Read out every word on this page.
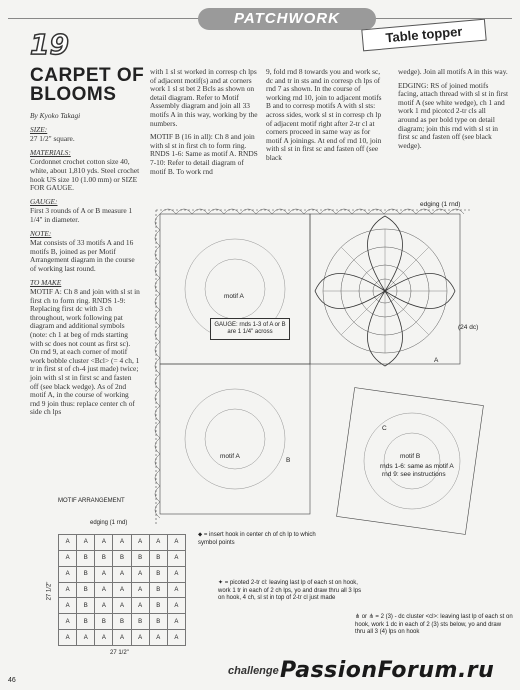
PATCHWORK
Table topper
19
CARPET OF BLOOMS
By Kyoko Takagi
SIZE:

27 1/2" square.

MATERIALS:

Cordonnet crochet cotton size 40, white, about 1,810 yds. Steel crochet hook US size 10 (1.00 mm) or SIZE FOR GAUGE.

GAUGE:

First 3 rounds of A or B measure 1 1/4" in diameter.

NOTE:

Mat consists of 33 motifs A and 16 motifs B, joined as per Motif Arrangement diagram in the course of working last round.

TO MAKE

MOTIF A: Ch 8 and join with sl st in first ch to form ring. RNDS 1-9: Replacing first dc with 3 ch throughout, work following pat diagram and additional symbols (note: ch 1 at beg of rnds starting with sc does not count as first sc). On rnd 9, at each corner of motif work bobble cluster <Bcl> (= 4 ch, 1 tr in first st of ch-4 just made) twice; join with sl st in first sc and fasten off (see black wedge). As of 2nd motif A, in the course of working rnd 9 join thus: replace center ch of side ch lps

with 1 sl st worked in corresp ch lps of adjacent motif(s) and at corners work 1 sl st bet 2 Bcls as shown on detail diagram. Refer to Motif Assembly diagram and join all 33 motifs A in this way, working by the numbers.

MOTIF B (16 in all): Ch 8 and join with sl st in first ch to form ring. RNDS 1-6: Same as motif A. RNDS 7-10: Refer to detail diagram of motif B. To work rnd

9, fold rnd 8 towards you and work sc, dc and tr in sts and in corresp ch lps of rnd 7 as shown. In the course of working rnd 10, join to adjacent motifs B and to corresp motifs A with sl sts: across sides, work sl st in corresp ch lp of adjacent motif right after 2-tr cl at corners proceed in same way as for motif A joinings. At end of rnd 10, join with sl st in first sc and fasten off (see black

wedge). Join all motifs A in this way.

EDGING: RS of joined motifs facing, attach thread with sl st in first motif A (see white wedge), ch 1 and work 1 rnd picotcd 2-tr cls all around as per bold type on detail diagram; join this rnd with sl st in first sc and fasten off (see black wedge).

edging (1 rnd)
motif A
motif A	motif B
rnds 1-6: same as motif A
rnd 9: see instructions
(24 dc)
A
B
C
GAUGE: rnds 1-3 of A or B are 1 1/4" across
MOTIF ARRANGEMENT
edging (1 rnd)
27 1/2"
27 1/2"
A	A	A	A	A	A	A
A	B	B	B	B	B	A
A	B	A	A	A	B	A
A	B	A	A	A	B	A
A	B	A	A	A	B	A
A	B	B	B	B	B	A
A	A	A	A	A	A	A
⬥ = insert hook in center ch of ch lp to which symbol points
✦ = picoted 2-tr cl: leaving last lp of each st on hook, work 1 tr in each of 2 ch lps, yo and draw thru all 3 lps on hook, 4 ch, sl st in top of 2-tr cl just made
⋔ or ⋔ = 2 (3) - dc cluster <cl>: leaving last lp of each st on hook, work 1 dc in each of 2 (3) sts below, yo and draw thru all 3 (4) lps on hook
challenge PassionForum.ru
46
